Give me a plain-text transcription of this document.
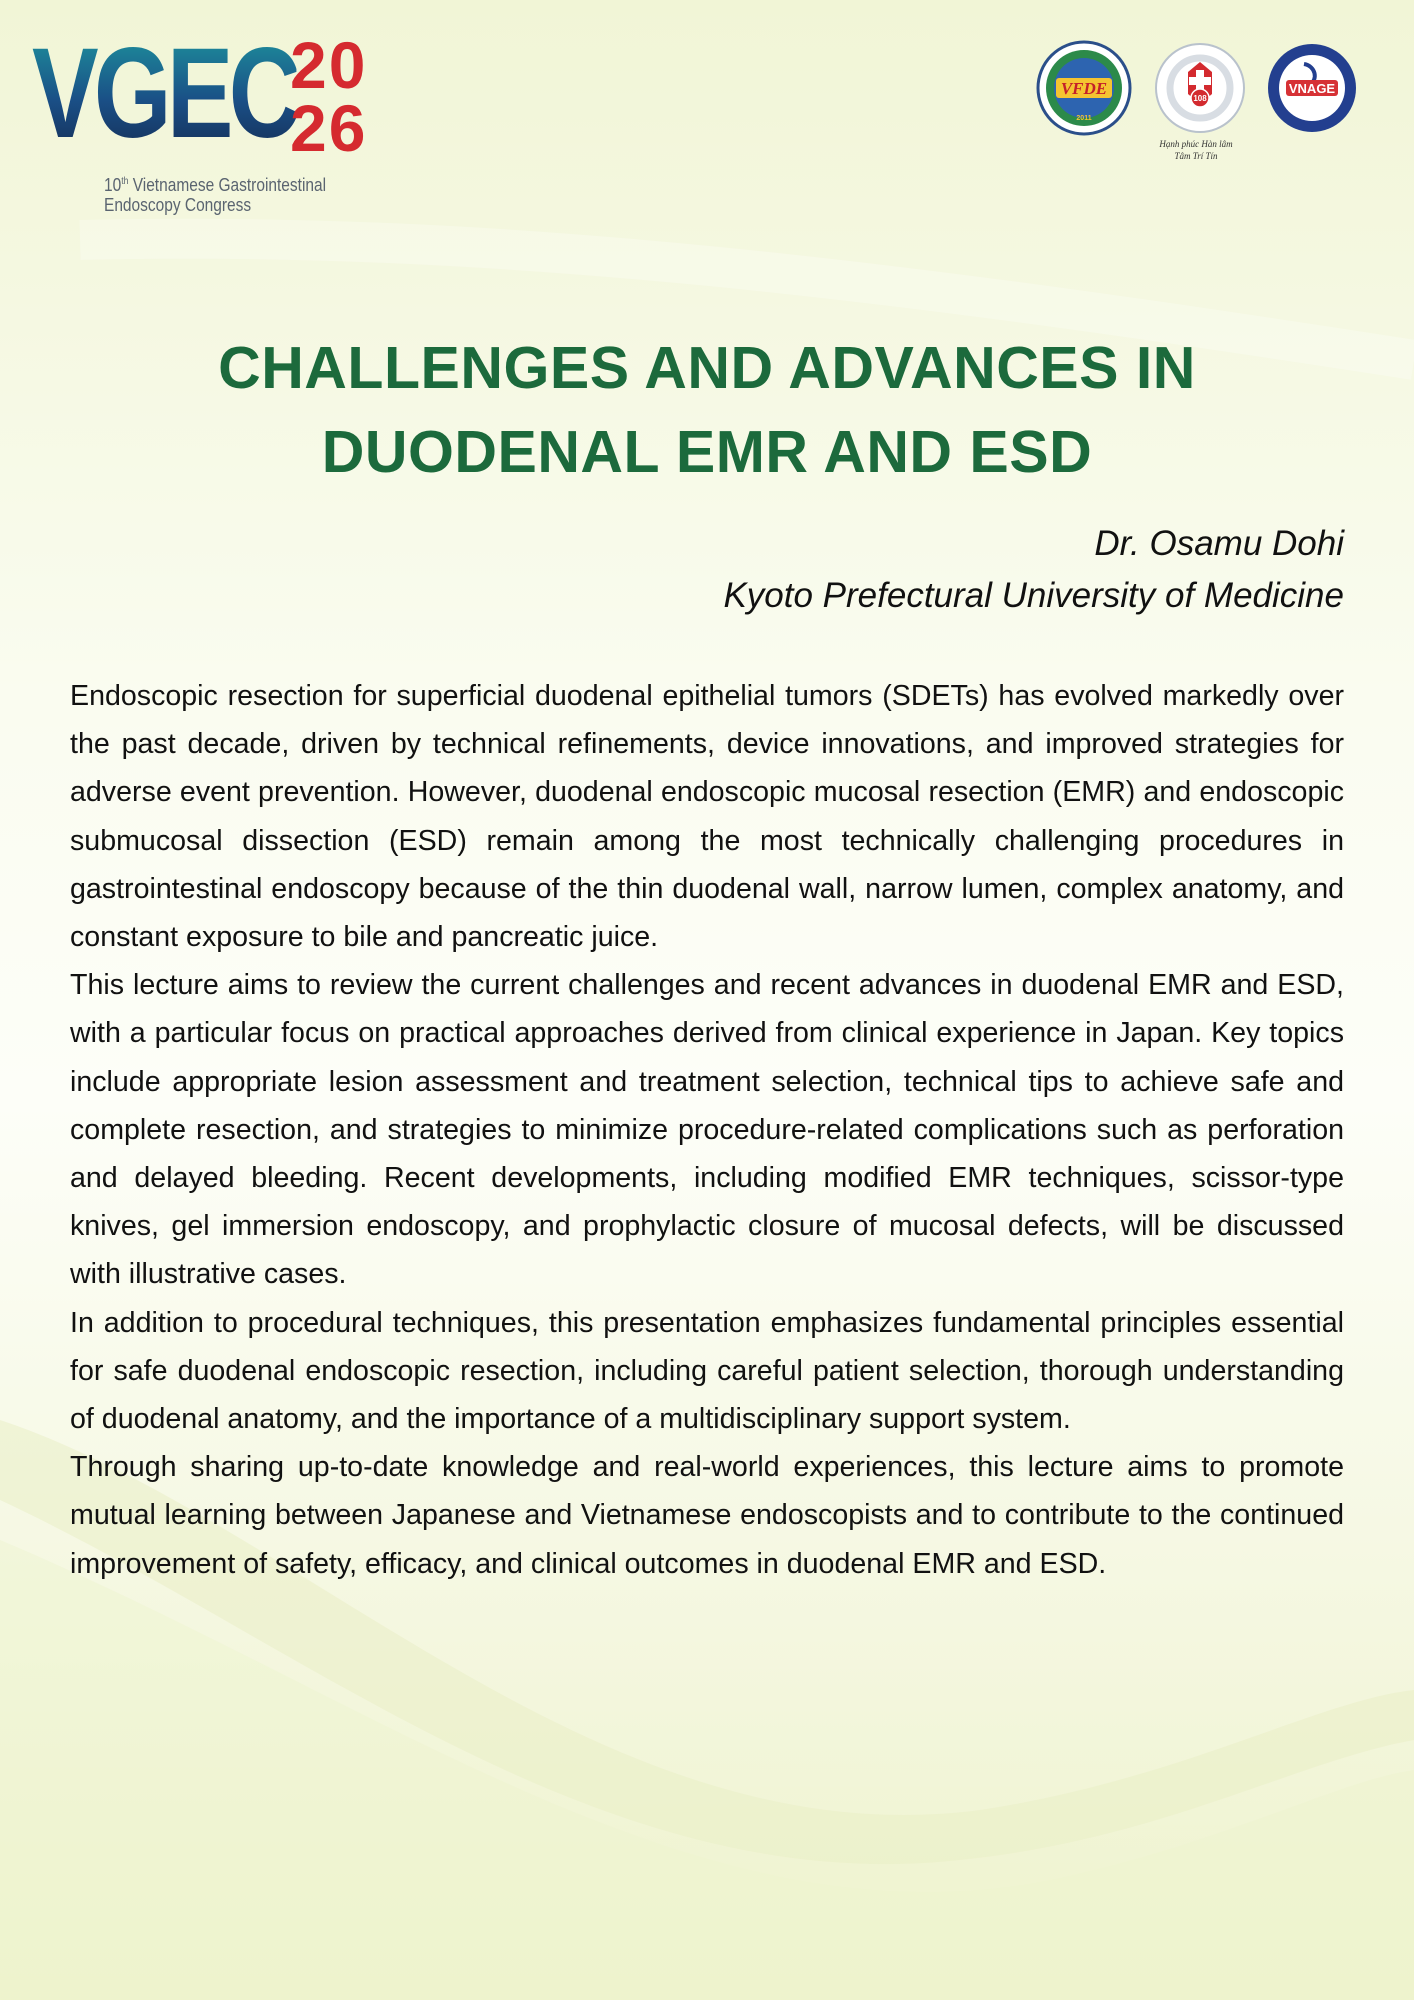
VGEC
20
26
10th Vietnamese Gastrointestinal
Endoscopy Congress
VFDE
2011
108
Hạnh phúc Hàn lâm
Tâm Trí Tín
VNAGE
CHALLENGES AND ADVANCES IN DUODENAL EMR AND ESD
Dr. Osamu Dohi
Kyoto Prefectural University of Medicine

Endoscopic resection for superficial duodenal epithelial tumors (SDETs) has evolved markedly over the past decade, driven by technical refinements, device innovations, and improved strategies for adverse event prevention. However, duodenal endoscopic mucosal resection (EMR) and endoscopic submucosal dissection (ESD) remain among the most technically challenging procedures in gastrointestinal endoscopy because of the thin duodenal wall, narrow lumen, complex anatomy, and constant exposure to bile and pancreatic juice.

This lecture aims to review the current challenges and recent advances in duodenal EMR and ESD, with a particular focus on practical approaches derived from clinical experience in Japan. Key topics include appropriate lesion assessment and treatment selection, technical tips to achieve safe and complete resection, and strategies to minimize procedure-related complications such as perforation and delayed bleeding. Recent developments, including modified EMR techniques, scissor-type knives, gel immersion endoscopy, and prophylactic closure of mucosal defects, will be discussed with illustrative cases.

In addition to procedural techniques, this presentation emphasizes fundamental principles essential for safe duodenal endoscopic resection, including careful patient selection, thorough understanding of duodenal anatomy, and the importance of a multidisciplinary support system.

Through sharing up-to-date knowledge and real-world experiences, this lecture aims to promote mutual learning between Japanese and Vietnamese endoscopists and to contribute to the continued improvement of safety, efficacy, and clinical outcomes in duodenal EMR and ESD.
